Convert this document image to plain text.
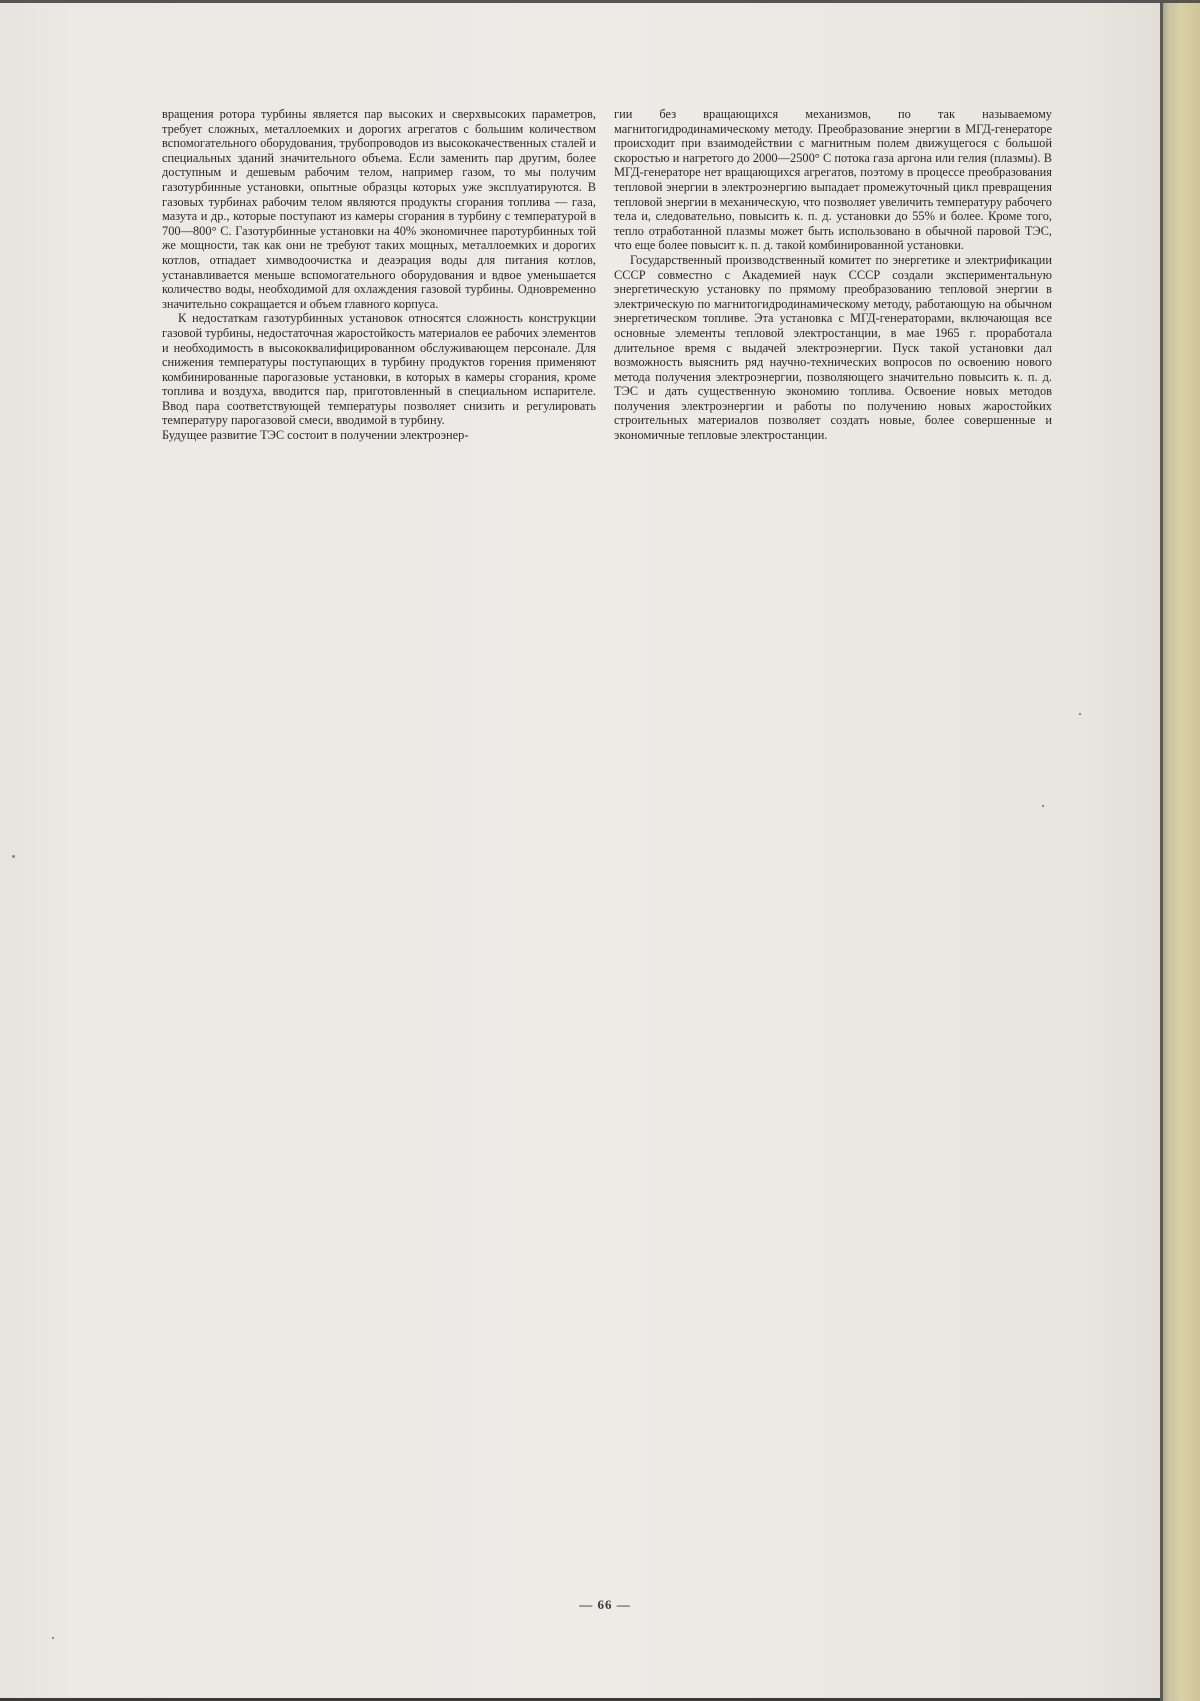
вращения ротора турбины является пар высоких и сверхвысоких параметров, требует сложных, металлоемких и дорогих агрегатов с большим количеством вспомогательного оборудования, трубопроводов из высококачественных сталей и специальных зданий значительного объема. Если заменить пар другим, более доступным и дешевым рабочим телом, например газом, то мы получим газотурбинные установки, опытные образцы которых уже эксплуатируются. В газовых турбинах рабочим телом являются продукты сгорания топлива — газа, мазута и др., которые поступают из камеры сгорания в турбину с температурой в 700—800° С. Газотурбинные установки на 40% экономичнее паротурбинных той же мощности, так как они не требуют таких мощных, металлоемких и дорогих котлов, отпадает химводоочистка и деаэрация воды для питания котлов, устанавливается меньше вспомогательного оборудования и вдвое уменьшается количество воды, необходимой для охлаждения газовой турбины. Одновременно значительно сокращается и объем главного корпуса.

К недостаткам газотурбинных установок относятся сложность конструкции газовой турбины, недостаточная жаростойкость материалов ее рабочих элементов и необходимость в высококвалифицированном обслуживающем персонале. Для снижения температуры поступающих в турбину продуктов горения применяют комбинированные парогазовые установки, в которых в камеры сгорания, кроме топлива и воздуха, вводится пар, приготовленный в специальном испарителе. Ввод пара соответствующей температуры позволяет снизить и регулировать температуру парогазовой смеси, вводимой в турбину.

Будущее развитие ТЭС состоит в получении электроэнер-

гии без вращающихся механизмов, по так называемому магнитогидродинамическому методу. Преобразование энергии в МГД-генераторе происходит при взаимодействии с магнитным полем движущегося с большой скоростью и нагретого до 2000—2500° С потока газа аргона или гелия (плазмы). В МГД-генераторе нет вращающихся агрегатов, поэтому в процессе преобразования тепловой энергии в электроэнергию выпадает промежуточный цикл превращения тепловой энергии в механическую, что позволяет увеличить температуру рабочего тела и, следовательно, повысить к. п. д. установки до 55% и более. Кроме того, тепло отработанной плазмы может быть использовано в обычной паровой ТЭС, что еще более повысит к. п. д. такой комбинированной установки.

Государственный производственный комитет по энергетике и электрификации СССР совместно с Академией наук СССР создали экспериментальную энергетическую установку по прямому преобразованию тепловой энергии в электрическую по магнитогидродинамическому методу, работающую на обычном энергетическом топливе. Эта установка с МГД-генераторами, включающая все основные элементы тепловой электростанции, в мае 1965 г. проработала длительное время с выдачей электроэнергии. Пуск такой установки дал возможность выяснить ряд научно-технических вопросов по освоению нового метода получения электроэнергии, позволяющего значительно повысить к. п. д. ТЭС и дать существенную экономию топлива. Освоение новых методов получения электроэнергии и работы по получению новых жаростойких строительных материалов позволяет создать новые, более совершенные и экономичные тепловые электростанции.

— 66 —
